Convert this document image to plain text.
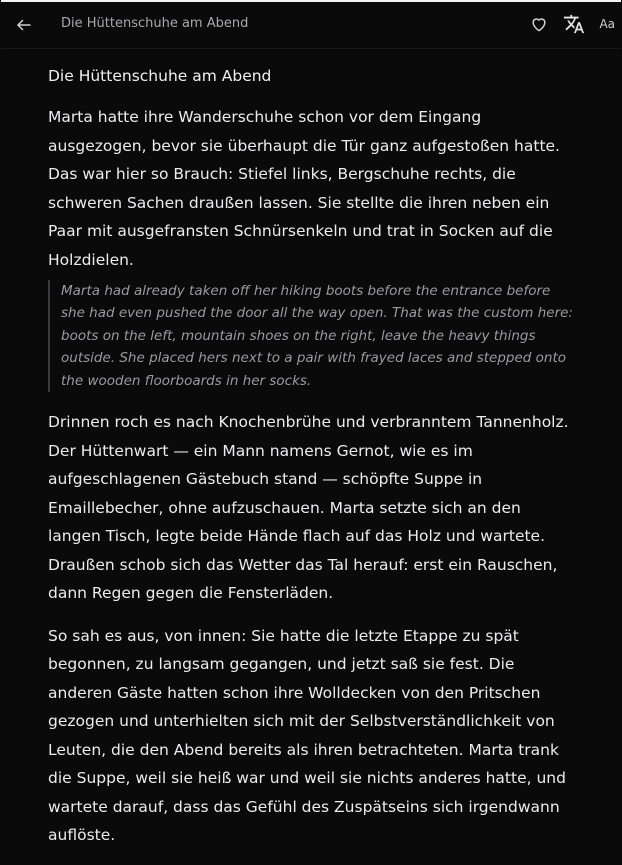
Die Hüttenschuhe am Abend	Aa
Die Hüttenschuhe am Abend

Marta hatte ihre Wanderschuhe schon vor dem Eingang ausgezogen, bevor sie überhaupt die Tür ganz aufgestoßen hatte. Das war hier so Brauch: Stiefel links, Bergschuhe rechts, die schweren Sachen draußen lassen. Sie stellte die ihren neben ein Paar mit ausgefransten Schnürsenkeln und trat in Socken auf die Holzdielen.

Marta had already taken off her hiking boots before the entrance before she had even pushed the door all the way open. That was the custom here: boots on the left, mountain shoes on the right, leave the heavy things outside. She placed hers next to a pair with frayed laces and stepped onto the wooden floorboards in her socks.

Drinnen roch es nach Knochenbrühe und verbranntem Tannenholz. Der Hüttenwart — ein Mann namens Gernot, wie es im aufgeschlagenen Gästebuch stand — schöpfte Suppe in Emaillebecher, ohne aufzuschauen. Marta setzte sich an den langen Tisch, legte beide Hände flach auf das Holz und wartete. Draußen schob sich das Wetter das Tal herauf: erst ein Rauschen, dann Regen gegen die Fensterläden.

So sah es aus, von innen: Sie hatte die letzte Etappe zu spät begonnen, zu langsam gegangen, und jetzt saß sie fest. Die anderen Gäste hatten schon ihre Wolldecken von den Pritschen gezogen und unterhielten sich mit der Selbstverständlichkeit von Leuten, die den Abend bereits als ihren betrachteten. Marta trank die Suppe, weil sie heiß war und weil sie nichts anderes hatte, und wartete darauf, dass das Gefühl des Zuspätseins sich irgendwann auflöste.
